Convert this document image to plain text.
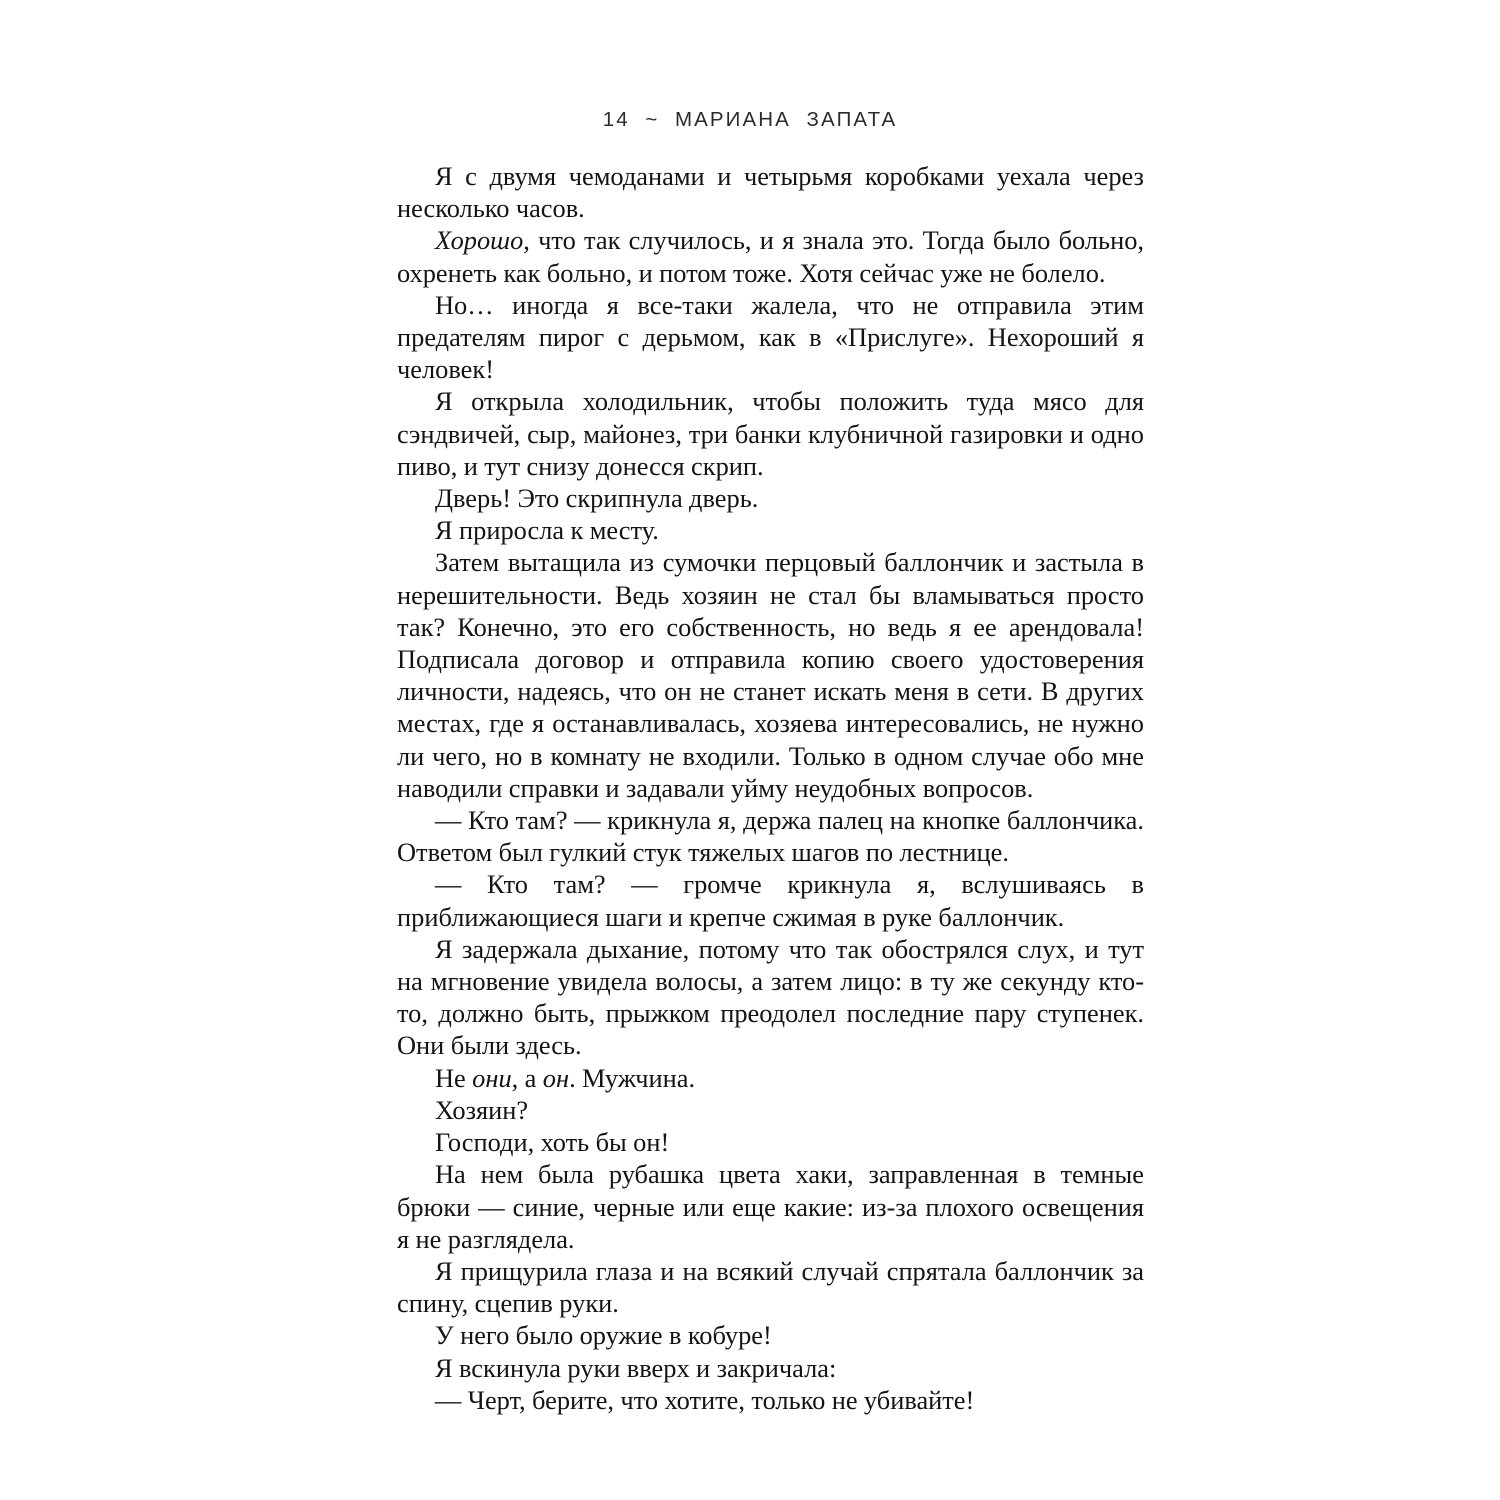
14  ~  МАРИАНА  ЗАПАТА

Я с двумя чемоданами и четырьмя коробками уехала через несколько часов.

Хорошо, что так случилось, и я знала это. Тогда было больно, охренеть как больно, и потом тоже. Хотя сейчас уже не болело.

Но… иногда я все-таки жалела, что не отправила этим предателям пирог с дерьмом, как в «Прислуге». Нехороший я человек!

Я открыла холодильник, чтобы положить туда мясо для сэндвичей, сыр, майонез, три банки клубничной газировки и одно пиво, и тут снизу донесся скрип.

Дверь! Это скрипнула дверь.

Я приросла к месту.

Затем вытащила из сумочки перцовый баллончик и застыла в нерешительности. Ведь хозяин не стал бы вламываться просто так? Конечно, это его собственность, но ведь я ее арендовала! Подписала договор и отправила копию своего удостоверения личности, надеясь, что он не станет искать меня в сети. В других местах, где я останавливалась, хозяева интересовались, не нужно ли чего, но в комнату не входили. Только в одном случае обо мне наводили справки и задавали уйму неудобных вопросов.

— Кто там? — крикнула я, держа палец на кнопке баллончика. Ответом был гулкий стук тяжелых шагов по лестнице.

— Кто там? — громче крикнула я, вслушиваясь в приближающиеся шаги и крепче сжимая в руке баллончик.

Я задержала дыхание, потому что так обострялся слух, и тут на мгновение увидела волосы, а затем лицо: в ту же секунду кто-то, должно быть, прыжком преодолел последние пару ступенек. Они были здесь.

Не они, а он. Мужчина.

Хозяин?

Господи, хоть бы он!

На нем была рубашка цвета хаки, заправленная в темные брюки — синие, черные или еще какие: из-за плохого освещения я не разглядела.

Я прищурила глаза и на всякий случай спрятала баллончик за спину, сцепив руки.

У него было оружие в кобуре!

Я вскинула руки вверх и закричала:

— Черт, берите, что хотите, только не убивайте!
